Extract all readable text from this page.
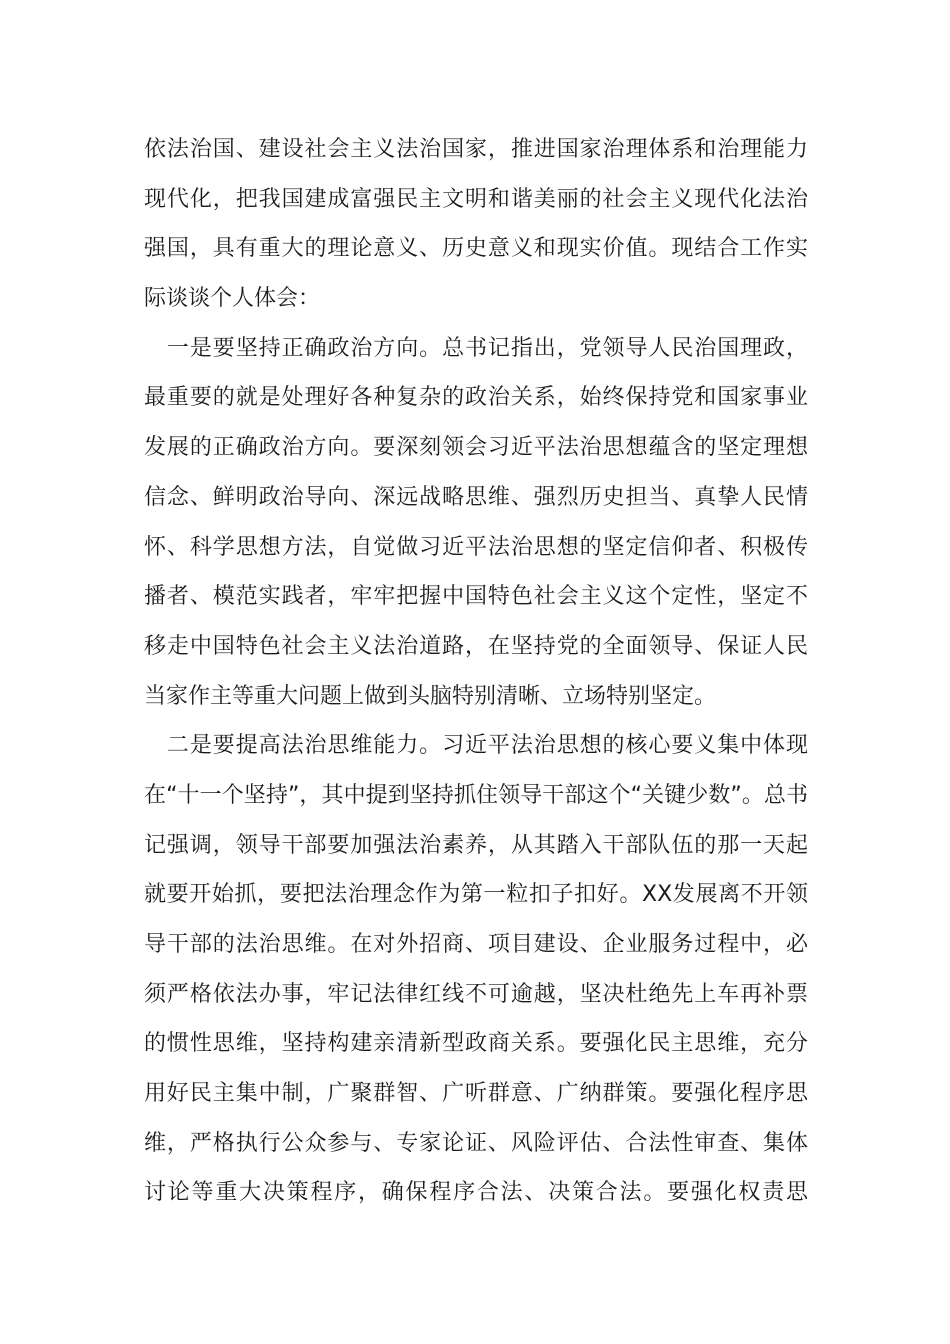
依法治国、建设社会主义法治国家，推进国家治理体系和治理能力
现代化，把我国建成富强民主文明和谐美丽的社会主义现代化法治
强国，具有重大的理论意义、历史意义和现实价值。现结合工作实
际谈谈个人体会：
　一是要坚持正确政治方向。总书记指出，党领导人民治国理政，
最重要的就是处理好各种复杂的政治关系，始终保持党和国家事业
发展的正确政治方向。要深刻领会习近平法治思想蕴含的坚定理想
信念、鲜明政治导向、深远战略思维、强烈历史担当、真挚人民情
怀、科学思想方法，自觉做习近平法治思想的坚定信仰者、积极传
播者、模范实践者，牢牢把握中国特色社会主义这个定性，坚定不
移走中国特色社会主义法治道路，在坚持党的全面领导、保证人民
当家作主等重大问题上做到头脑特别清晰、立场特别坚定。
　二是要提高法治思维能力。习近平法治思想的核心要义集中体现
在“十一个坚持”，其中提到坚持抓住领导干部这个“关键少数”。总书
记强调，领导干部要加强法治素养，从其踏入干部队伍的那一天起
就要开始抓，要把法治理念作为第一粒扣子扣好。XX发展离不开领
导干部的法治思维。在对外招商、项目建设、企业服务过程中，必
须严格依法办事，牢记法律红线不可逾越，坚决杜绝先上车再补票
的惯性思维，坚持构建亲清新型政商关系。要强化民主思维，充分
用好民主集中制，广聚群智、广听群意、广纳群策。要强化程序思
维，严格执行公众参与、专家论证、风险评估、合法性审查、集体
讨论等重大决策程序，确保程序合法、决策合法。要强化权责思
